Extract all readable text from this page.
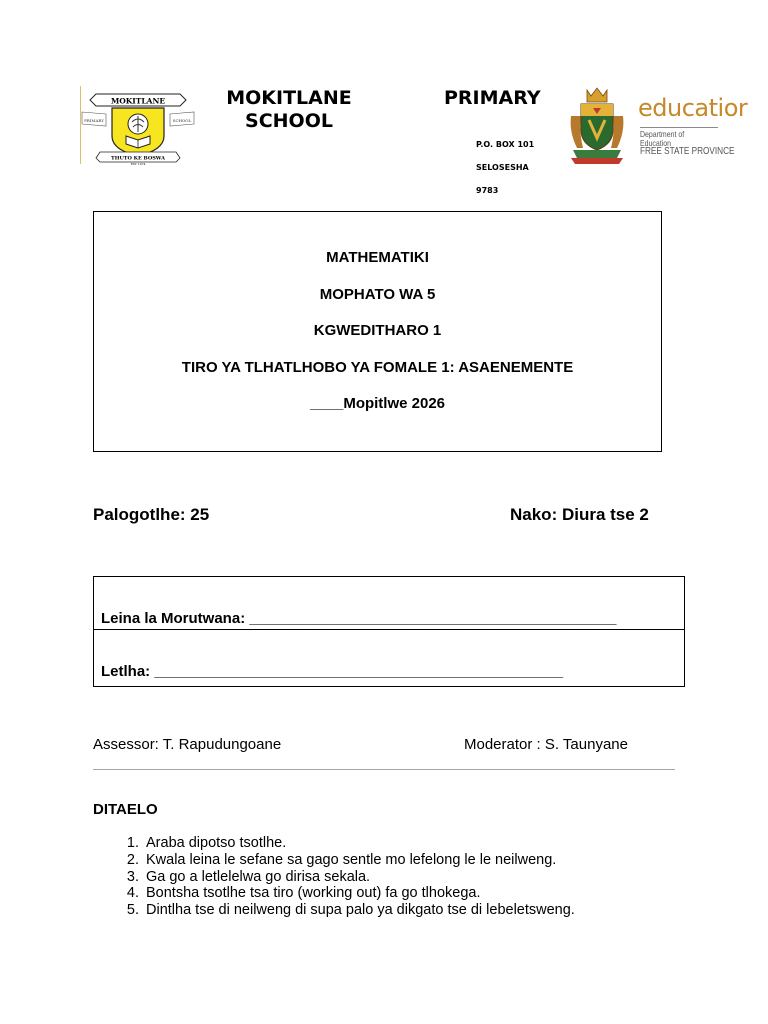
MOKITLANE
PRIMARY	SCHOOL
THUTO KE BOSWA
EST 1974
MOKITLANE SCHOOL
PRIMARY
P.O. BOX 101
SELOSESHA
9783
educatior
Department of
Education
FREE STATE PROVINCE
MATHEMATIKI
MOPHATO WA 5
KGWEDITHARO 1
TIRO YA TLHATLHOBO YA FOMALE 1: ASAENEMENTE
____Mopitlwe 2026
Palogotlhe: 25	Nako: Diura tse 2
Leina la Morutwana: ____________________________________________
Letlha: _________________________________________________
Assessor: T. Rapudungoane	Moderator : S. Taunyane
DITAELO
1. Araba dipotso tsotlhe.
2. Kwala leina le sefane sa gago sentle mo lefelong le le neilweng.
3. Ga go a letlelelwa go dirisa sekala.
4. Bontsha tsotlhe tsa tiro (working out) fa go tlhokega.
5. Dintlha tse di neilweng di supa palo ya dikgato tse di lebeletsweng.
